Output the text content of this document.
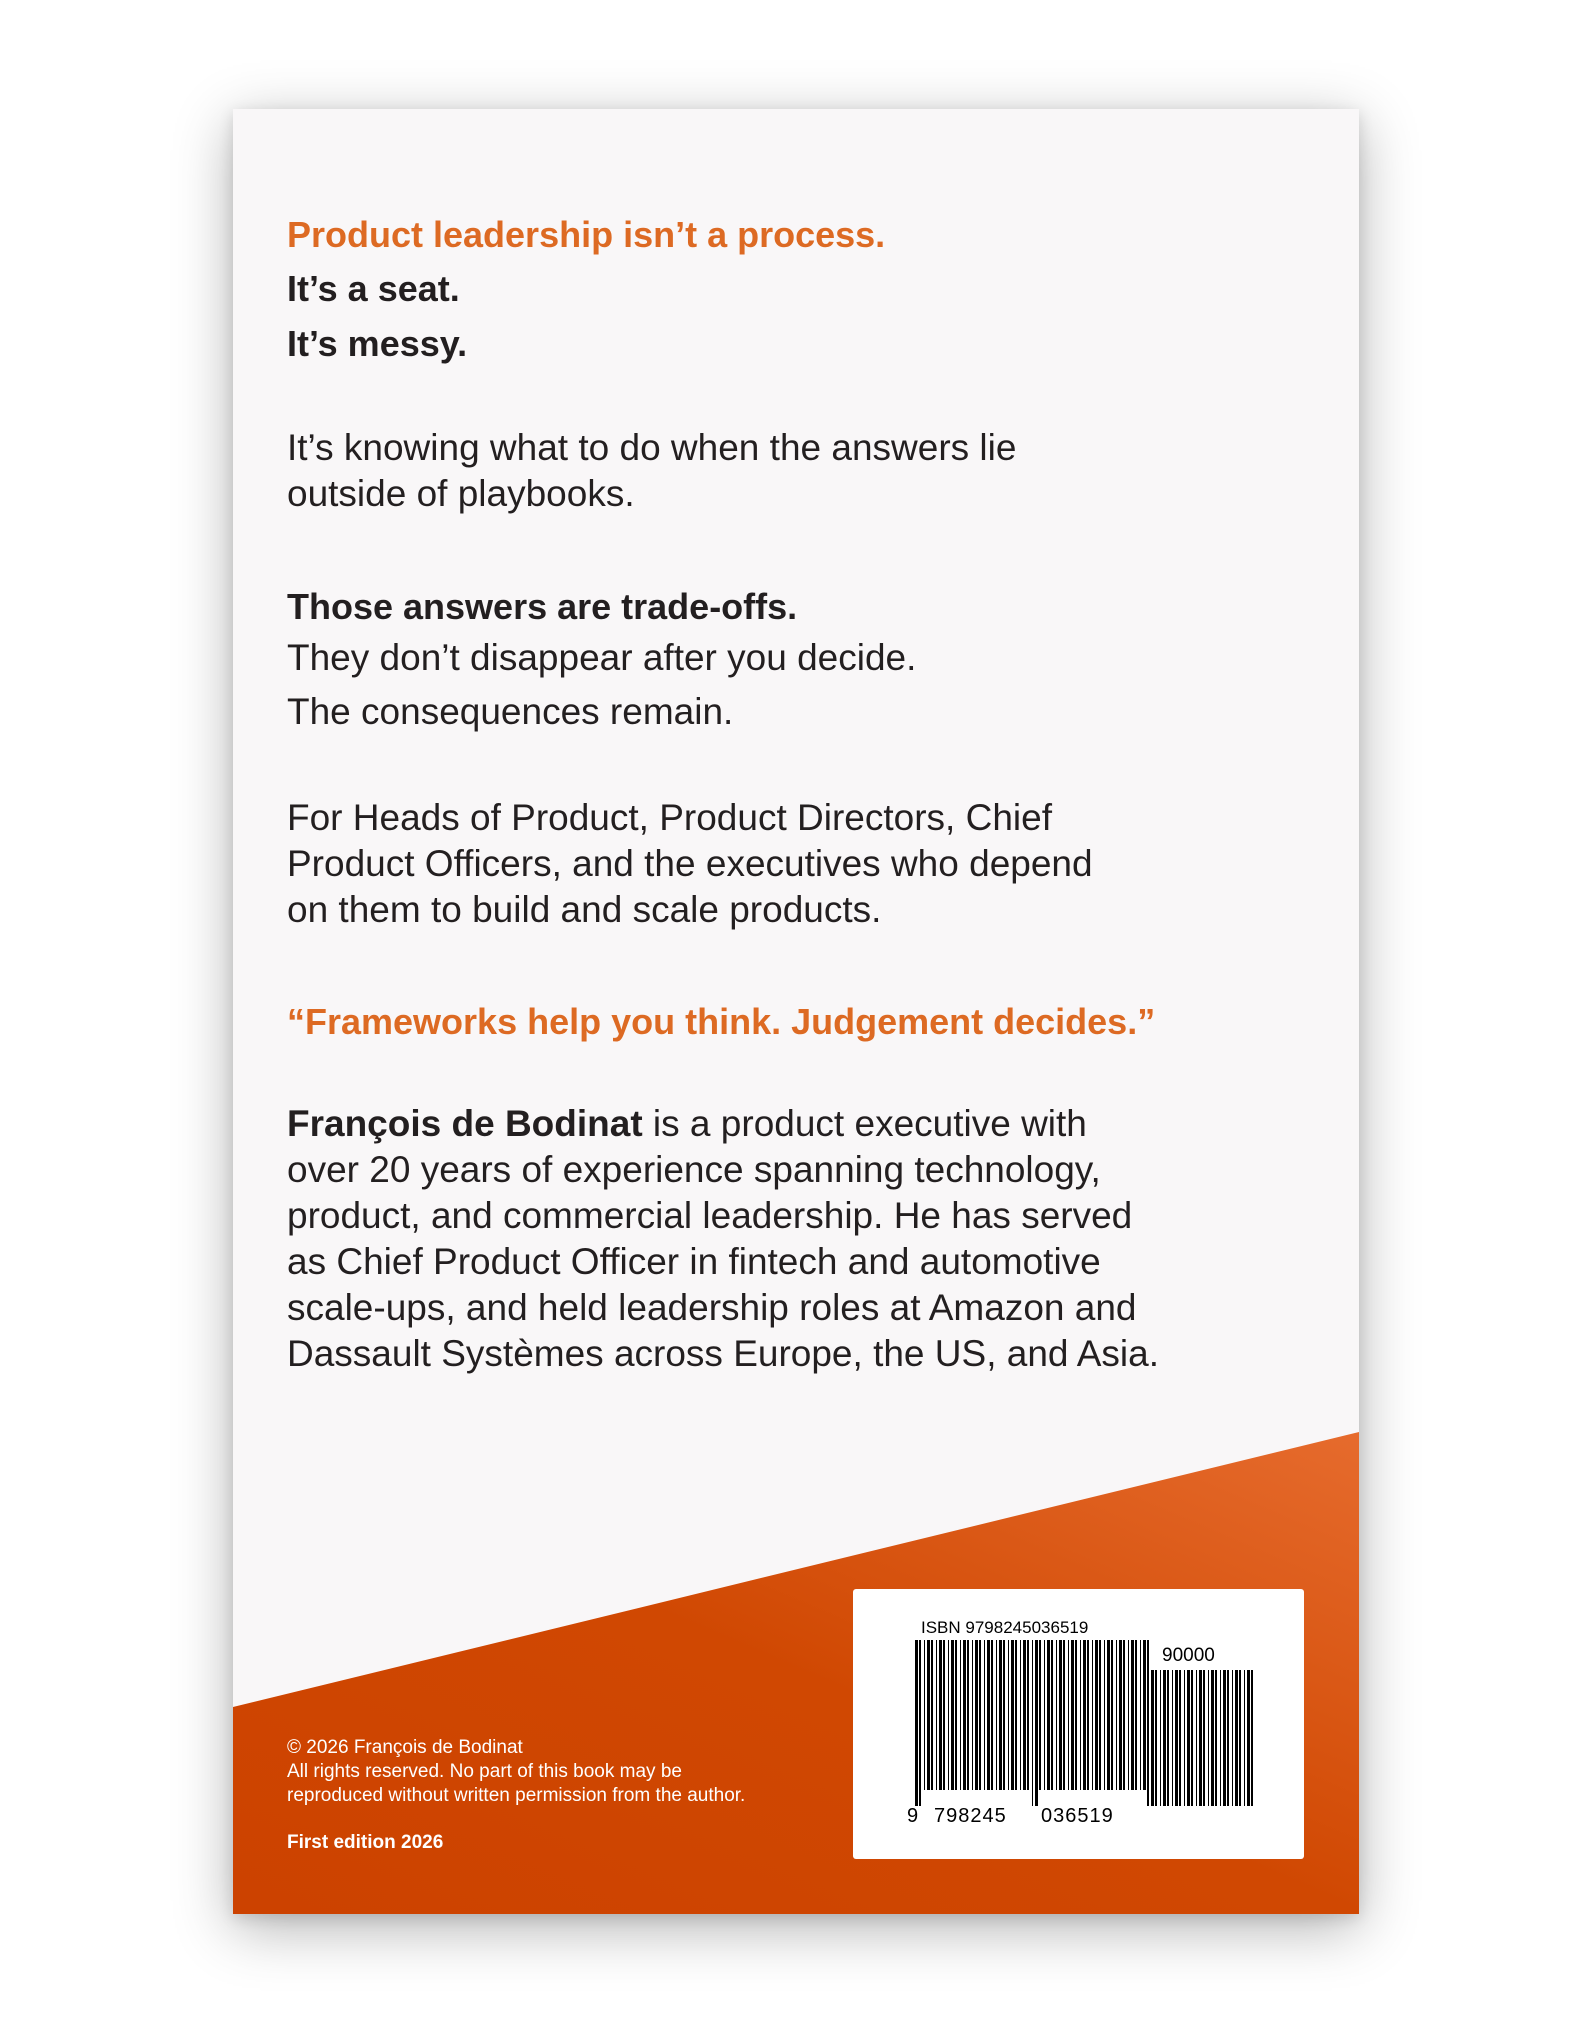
Product leadership isn’t a process.

It’s a seat.

It’s messy.

It’s knowing what to do when the answers lie
outside of playbooks.

Those answers are trade-offs.

They don’t disappear after you decide.

The consequences remain.

For Heads of Product, Product Directors, Chief
Product Officers, and the executives who depend
on them to build and scale products.

“Frameworks help you think. Judgement decides.”

François de Bodinat is a product executive with
over 20 years of experience spanning technology,
product, and commercial leadership. He has served
as Chief Product Officer in fintech and automotive
scale-ups, and held leadership roles at Amazon and
Dassault Systèmes across Europe, the US, and Asia.

© 2026 François de Bodinat

All rights reserved. No part of this book may be

reproduced without written permission from the author.

First edition 2026

ISBN 9798245036519
90000
9 798245 036519
